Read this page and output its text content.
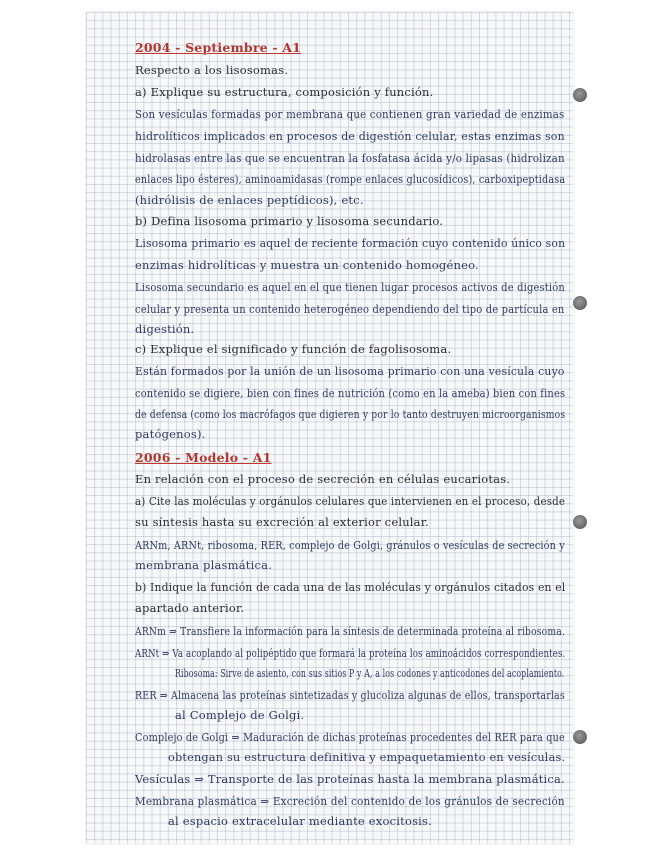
2004 - Septiembre - A1
Respecto a los lisosomas.
a) Explique su estructura, composición y función.
Son vesículas formadas por membrana que contienen gran variedad de enzimas
hidrolíticos implicados en procesos de digestión celular, estas enzimas son
hidrolasas entre las que se encuentran la fosfatasa ácida y/o lipasas (hidrolizan
enlaces lipo ésteres), aminoamidasas (rompe enlaces glucosídicos), carboxipeptidasa
(hidrólisis de enlaces peptídicos), etc.
b) Defina lisosoma primario y lisosoma secundario.
Lisosoma primario es aquel de reciente formación cuyo contenido único son
enzimas hidrolíticas y muestra un contenido homogéneo.
Lisosoma secundario es aquel en el que tienen lugar procesos activos de digestión
celular y presenta un contenido heterogéneo dependiendo del tipo de partícula en
digestión.
c) Explique el significado y función de fagolisosoma.
Están formados por la unión de un lisosoma primario con una vesícula cuyo
contenido se digiere, bien con fines de nutrición (como en la ameba) bien con fines
de defensa (como los macrófagos que digieren y por lo tanto destruyen microorganismos
patógenos).
2006 - Modelo - A1
En relación con el proceso de secreción en células eucariotas.
a) Cite las moléculas y orgánulos celulares que intervienen en el proceso, desde
su síntesis hasta su excreción al exterior celular.
ARNm, ARNt, ribosoma, RER, complejo de Golgi, gránulos o vesículas de secreción y
membrana plasmática.
b) Indique la función de cada una de las moléculas y orgánulos citados en el
apartado anterior.
ARNm ⇒ Transfiere la información para la síntesis de determinada proteína al ribosoma.
ARNt ⇒ Va acoplando al polipéptido que formará la proteína los aminoácidos correspondientes.
Ribosoma: Sirve de asiento, con sus sitios P y A, a los codones y anticodones del acoplamiento.
RER ⇒ Almacena las proteínas sintetizadas y glucoliza algunas de ellos, transportarlas
al Complejo de Golgi.
Complejo de Golgi ⇒ Maduración de dichas proteínas procedentes del RER para que
obtengan su estructura definitiva y empaquetamiento en vesículas.
Vesículas ⇒ Transporte de las proteínas hasta la membrana plasmática.
Membrana plasmática ⇒ Excreción del contenido de los gránulos de secreción
al espacio extracelular mediante exocitosis.
